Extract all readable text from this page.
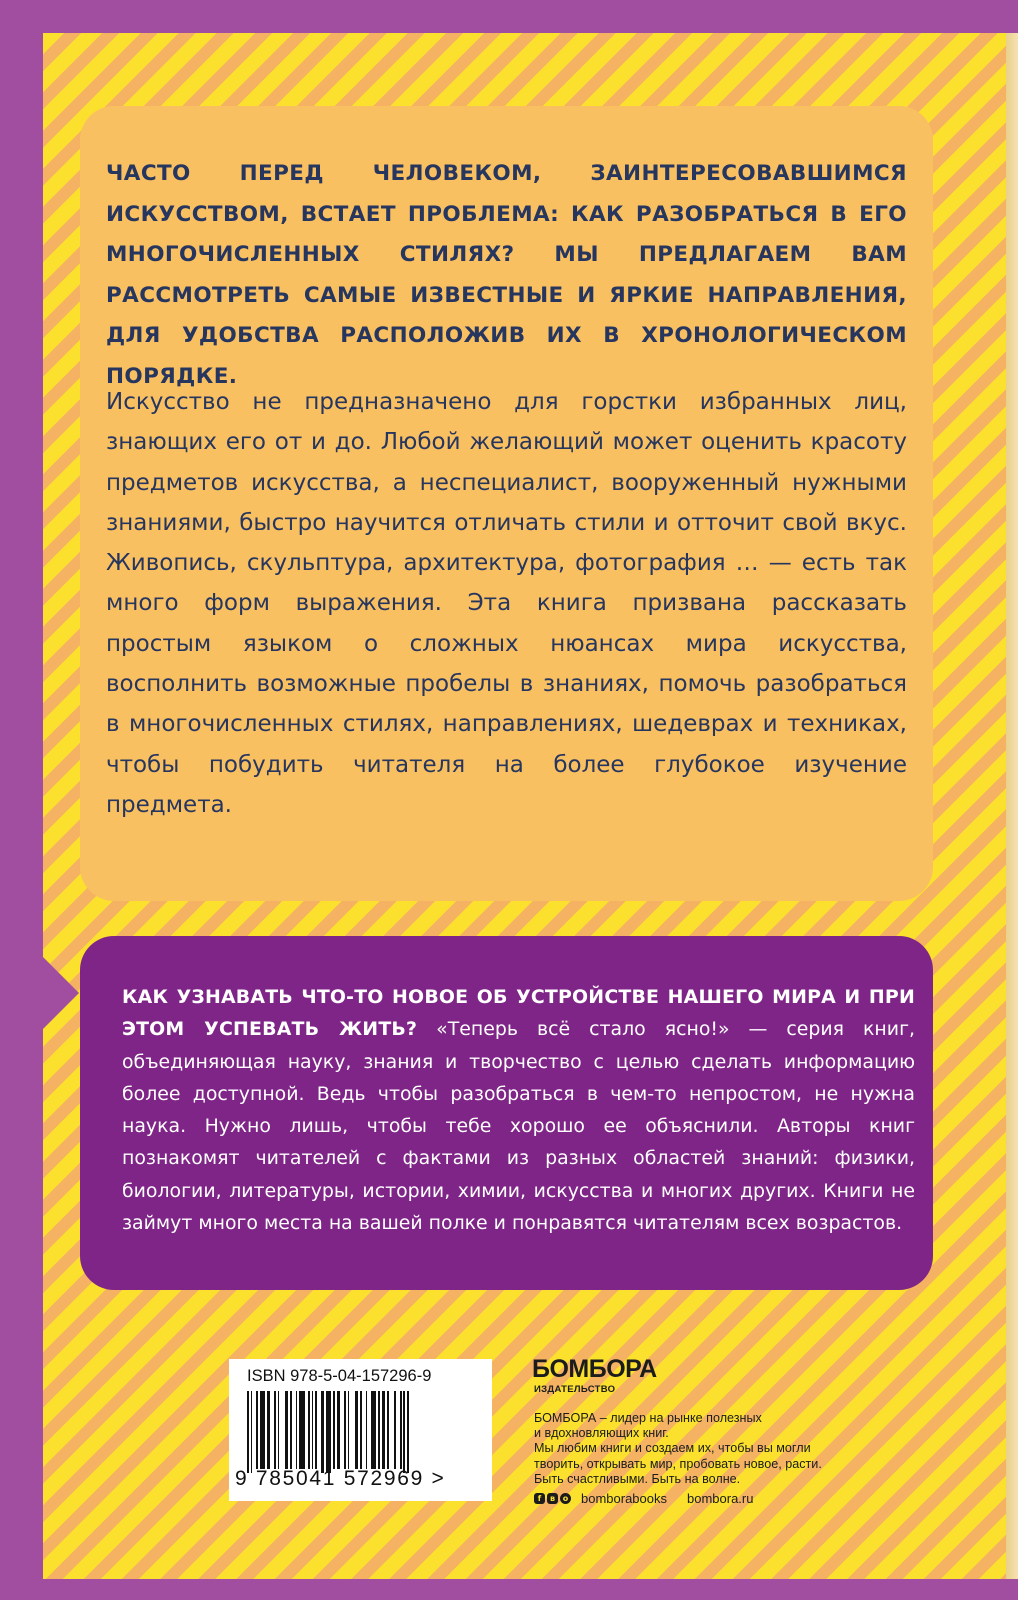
ЧАСТО ПЕРЕД ЧЕЛОВЕКОМ, ЗАИНТЕРЕСОВАВШИМСЯ ИСКУССТВОМ, ВСТАЕТ ПРОБЛЕМА: КАК РАЗОБРАТЬСЯ В ЕГО МНОГОЧИСЛЕННЫХ СТИЛЯХ? МЫ ПРЕДЛАГАЕМ ВАМ РАССМОТРЕТЬ САМЫЕ ИЗВЕСТНЫЕ И ЯРКИЕ НАПРАВЛЕНИЯ, ДЛЯ УДОБСТВА РАСПОЛОЖИВ ИХ В ХРОНОЛОГИЧЕСКОМ ПОРЯДКЕ.

Искусство не предназначено для горстки избранных лиц, знающих его от и до. Любой желающий может оценить красоту предметов искусства, а неспециалист, вооруженный нужными знаниями, быстро научится отличать стили и отточит свой вкус. Живопись, скульптура, архитектура, фотография … — есть так много форм выражения. Эта книга призвана рассказать простым языком о сложных нюансах мира искусства, восполнить возможные пробелы в знаниях, помочь разобраться в многочисленных стилях, направлениях, шедеврах и техниках, чтобы побудить читателя на более глубокое изучение предмета.

КАК УЗНАВАТЬ ЧТО-ТО НОВОЕ ОБ УСТРОЙСТВЕ НАШЕГО МИРА И ПРИ ЭТОМ УСПЕВАТЬ ЖИТЬ? «Теперь всё стало ясно!» — серия книг, объединяющая науку, знания и творчество с целью сделать информацию более доступной. Ведь чтобы разобраться в чем-то непростом, не нужна наука. Нужно лишь, чтобы тебе хорошо ее объяснили. Авторы книг познакомят читателей с фактами из разных областей знаний: физики, биологии, литературы, истории, химии, искусства и многих других. Книги не займут много места на вашей полке и понравятся читателям всех возрастов.

ISBN 978-5-04-157296-9
9 785041 572969 >
БОМБОРА
ИЗДАТЕЛЬСТВО

БОМБОРА – лидер на рынке полезных
и вдохновляющих книг.
Мы любим книги и создаем их, чтобы вы могли
творить, открывать мир, пробовать новое, расти.
Быть счастливыми. Быть на волне.

f	в o bomborabooks bombora.ru
